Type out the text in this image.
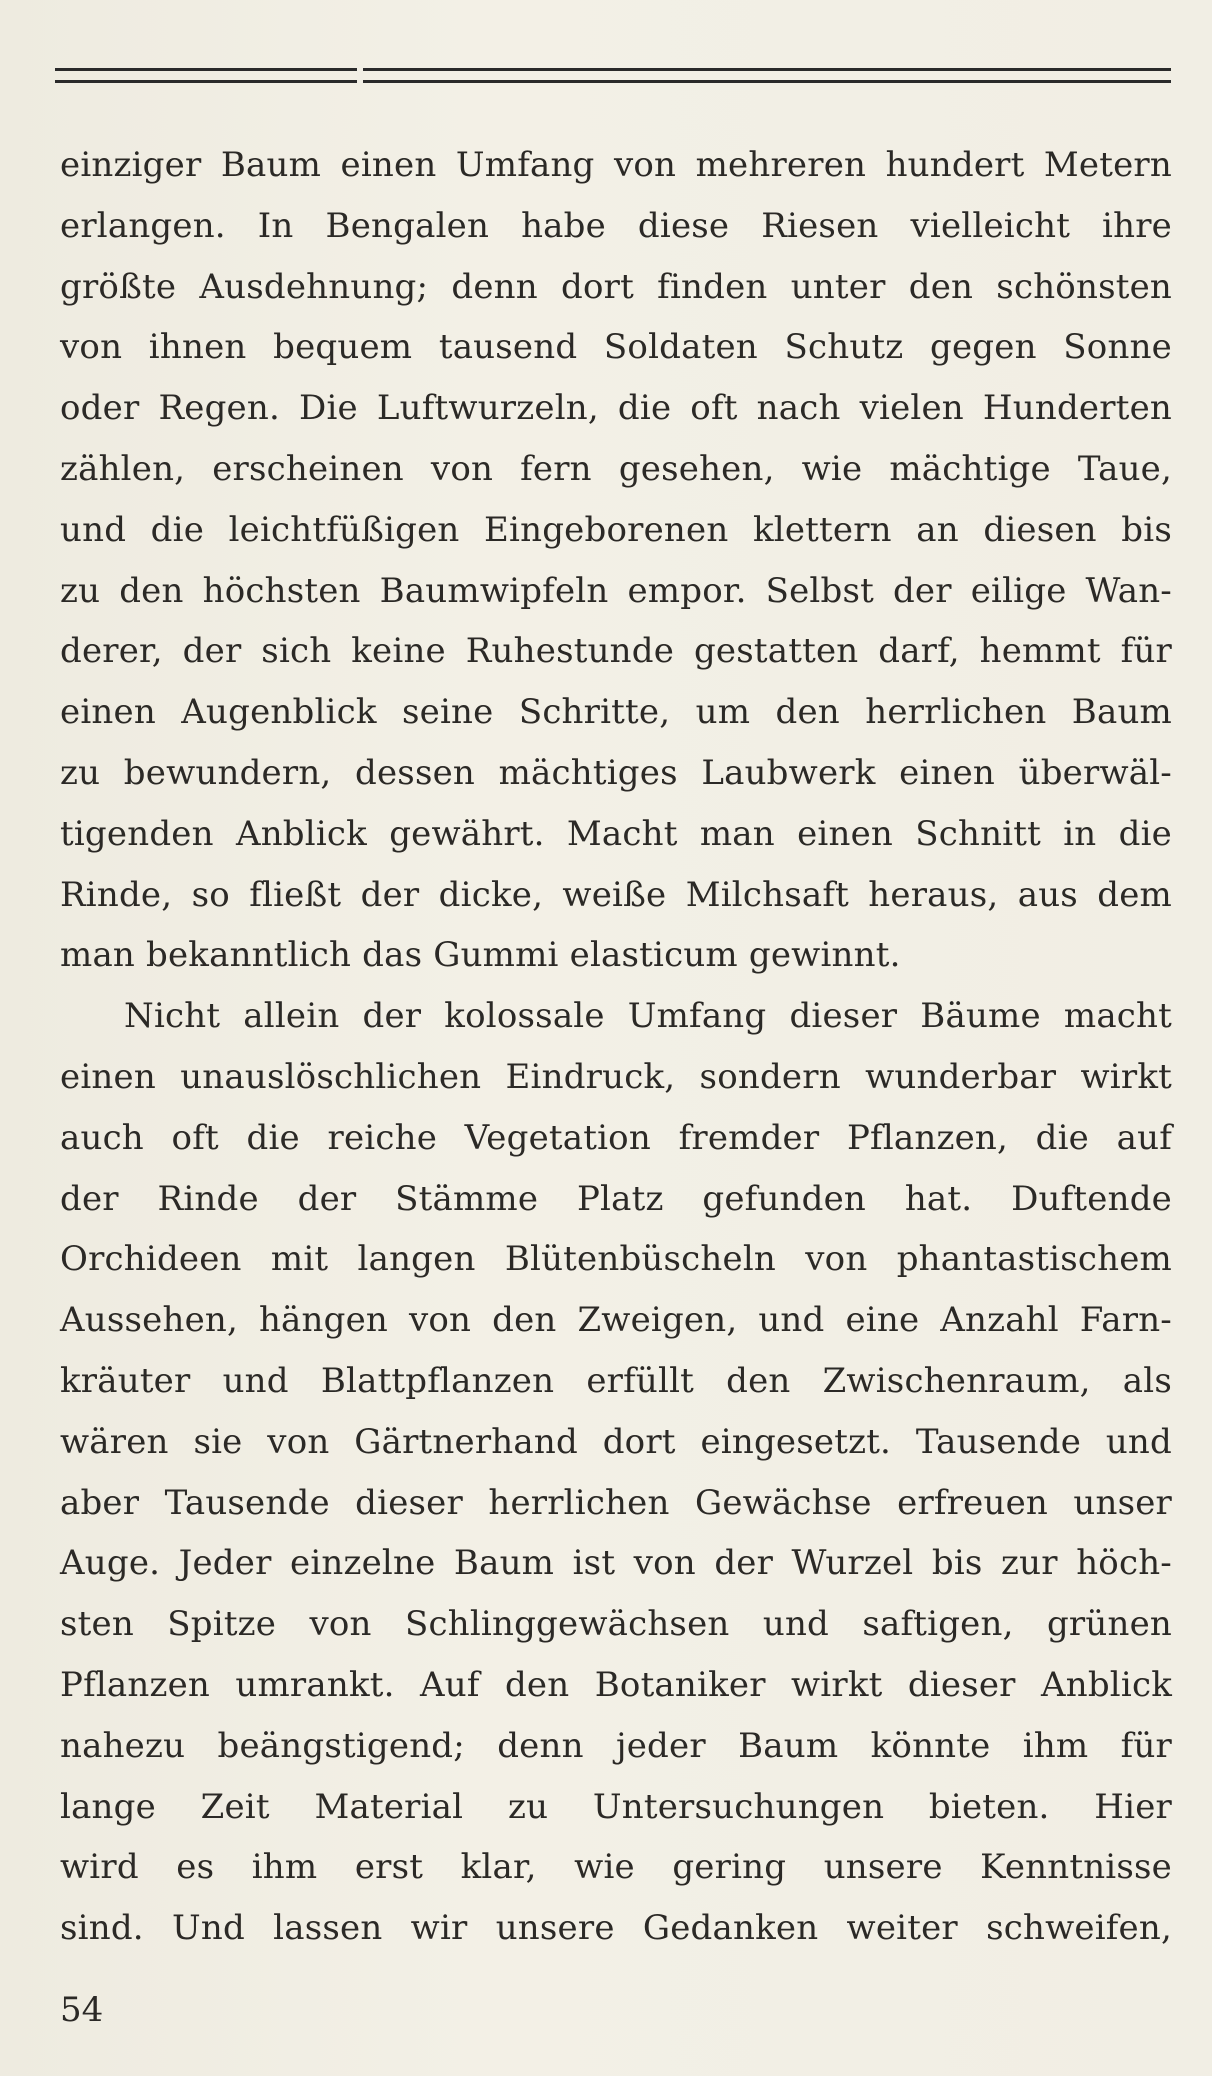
einziger Baum einen Umfang von mehreren hundert Metern
erlangen. In Bengalen habe diese Riesen vielleicht ihre
größte Ausdehnung; denn dort finden unter den schönsten
von ihnen bequem tausend Soldaten Schutz gegen Sonne
oder Regen. Die Luftwurzeln, die oft nach vielen Hunderten
zählen, erscheinen von fern gesehen, wie mächtige Taue,
und die leichtfüßigen Eingeborenen klettern an diesen bis
zu den höchsten Baumwipfeln empor. Selbst der eilige Wan-
derer, der sich keine Ruhestunde gestatten darf, hemmt für
einen Augenblick seine Schritte, um den herrlichen Baum
zu bewundern, dessen mächtiges Laubwerk einen überwäl-
tigenden Anblick gewährt. Macht man einen Schnitt in die
Rinde, so fließt der dicke, weiße Milchsaft heraus, aus dem
man bekanntlich das Gummi elasticum gewinnt.
Nicht allein der kolossale Umfang dieser Bäume macht
einen unauslöschlichen Eindruck, sondern wunderbar wirkt
auch oft die reiche Vegetation fremder Pflanzen, die auf
der Rinde der Stämme Platz gefunden hat. Duftende
Orchideen mit langen Blütenbüscheln von phantastischem
Aussehen, hängen von den Zweigen, und eine Anzahl Farn-
kräuter und Blattpflanzen erfüllt den Zwischenraum, als
wären sie von Gärtnerhand dort eingesetzt. Tausende und
aber Tausende dieser herrlichen Gewächse erfreuen unser
Auge. Jeder einzelne Baum ist von der Wurzel bis zur höch-
sten Spitze von Schlinggewächsen und saftigen, grünen
Pflanzen umrankt. Auf den Botaniker wirkt dieser Anblick
nahezu beängstigend; denn jeder Baum könnte ihm für
lange Zeit Material zu Untersuchungen bieten. Hier
wird es ihm erst klar, wie gering unsere Kenntnisse
sind. Und lassen wir unsere Gedanken weiter schweifen,
54
